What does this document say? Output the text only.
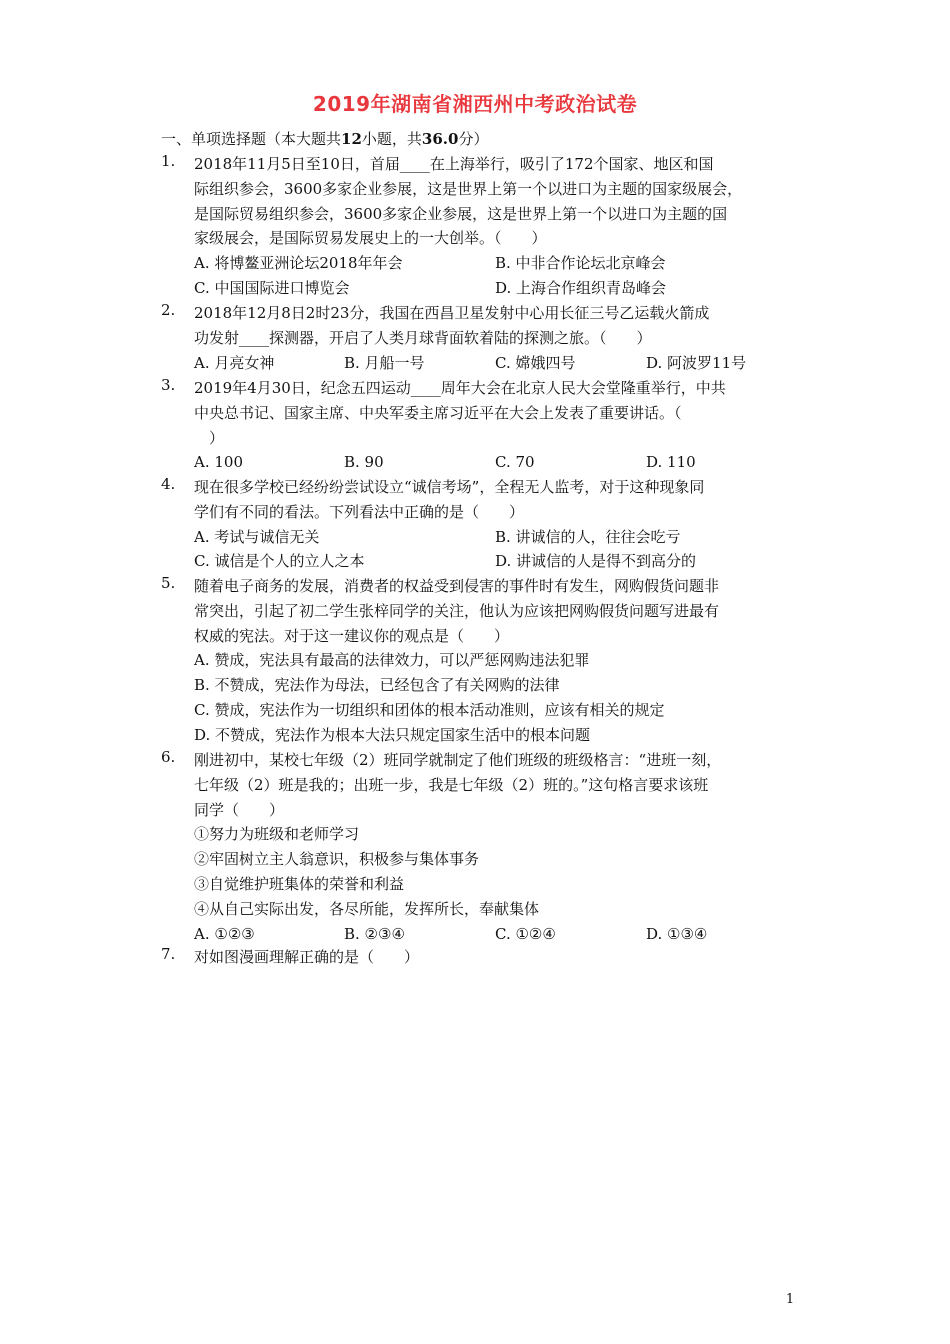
2019年湖南省湘西州中考政治试卷
一、单项选择题（本大题共12小题，共36.0分）
1. 2018年11月5日至10日，首届____在上海举行，吸引了172个国家、地区和国
际组织参会，3600多家企业参展，这是世界上第一个以进口为主题的国家级展会，
是国际贸易组织参会，3600多家企业参展，这是世界上第一个以进口为主题的国
家级展会，是国际贸易发展史上的一大创举。（　　）
A. 将博鳌亚洲论坛2018年年会	B. 中非合作论坛北京峰会
C. 中国国际进口博览会	D. 上海合作组织青岛峰会
2. 2018年12月8日2时23分，我国在西昌卫星发射中心用长征三号乙运载火箭成
功发射____探测器，开启了人类月球背面软着陆的探测之旅。（　　）
A. 月亮女神	B. 月船一号	C. 嫦娥四号	D. 阿波罗11号
3. 2019年4月30日，纪念五四运动____周年大会在北京人民大会堂隆重举行，中共
中央总书记、国家主席、中央军委主席习近平在大会上发表了重要讲话。（
　）
A. 100	B. 90	C. 70	D. 110
4. 现在很多学校已经纷纷尝试设立“诚信考场”，全程无人监考，对于这种现象同
学们有不同的看法。下列看法中正确的是（　　）
A. 考试与诚信无关	B. 讲诚信的人，往往会吃亏
C. 诚信是个人的立人之本	D. 讲诚信的人是得不到高分的
5. 随着电子商务的发展，消费者的权益受到侵害的事件时有发生，网购假货问题非
常突出，引起了初二学生张梓同学的关注，他认为应该把网购假货问题写进最有
权威的宪法。对于这一建议你的观点是（　　）
A. 赞成，宪法具有最高的法律效力，可以严惩网购违法犯罪
B. 不赞成，宪法作为母法，已经包含了有关网购的法律
C. 赞成，宪法作为一切组织和团体的根本活动准则，应该有相关的规定
D. 不赞成，宪法作为根本大法只规定国家生活中的根本问题
6. 刚进初中，某校七年级（2）班同学就制定了他们班级的班级格言：“进班一刻，
七年级（2）班是我的；出班一步，我是七年级（2）班的。”这句格言要求该班
同学（　　）
①努力为班级和老师学习
②牢固树立主人翁意识，积极参与集体事务
③自觉维护班集体的荣誉和利益
④从自己实际出发，各尽所能，发挥所长，奉献集体
A. ①②③	B. ②③④	C. ①②④	D. ①③④
7. 对如图漫画理解正确的是（　　）
1
